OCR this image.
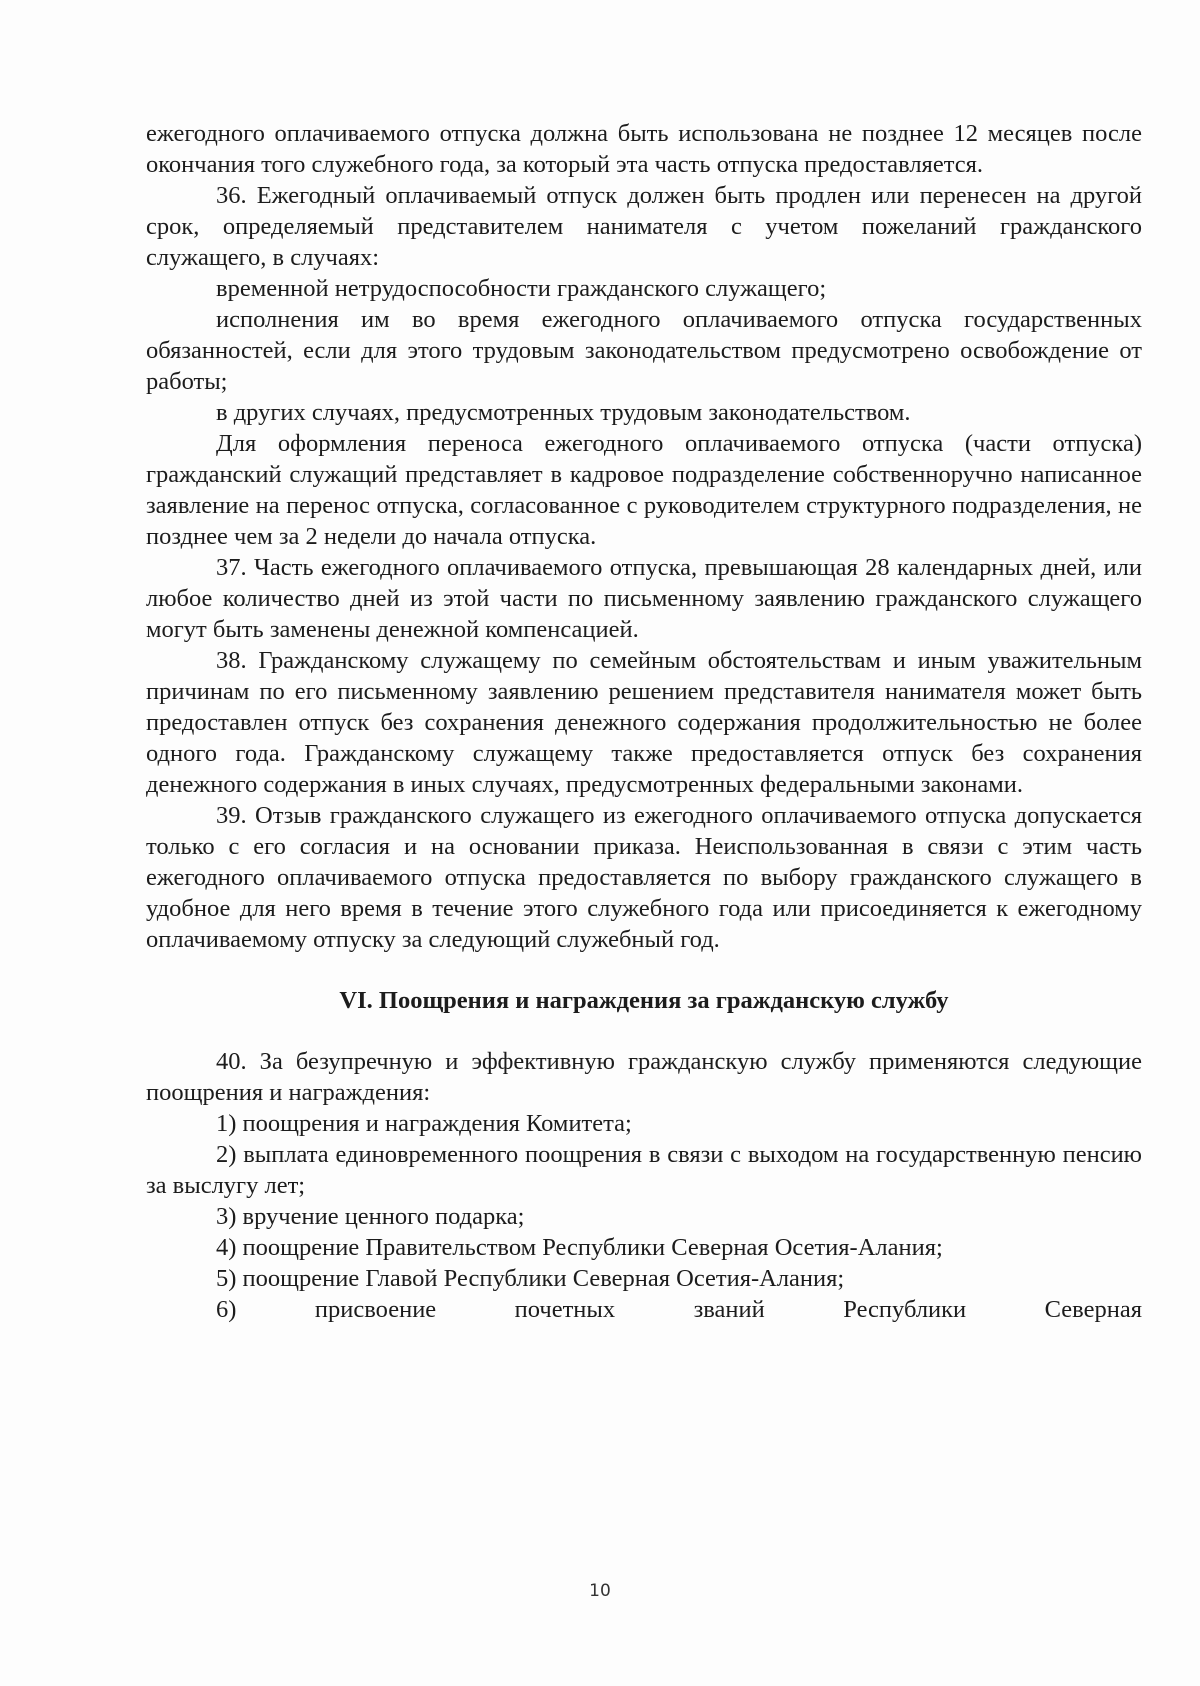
ежегодного оплачиваемого отпуска должна быть использована не позднее 12 месяцев после окончания того служебного года, за который эта часть отпуска предоставляется.

36. Ежегодный оплачиваемый отпуск должен быть продлен или перенесен на другой срок, определяемый представителем нанимателя с учетом пожеланий гражданского служащего, в случаях:

временной нетрудоспособности гражданского служащего;

исполнения им во время ежегодного оплачиваемого отпуска государственных обязанностей, если для этого трудовым законодательством предусмотрено освобождение от работы;

в других случаях, предусмотренных трудовым законодательством.

Для оформления переноса ежегодного оплачиваемого отпуска (части отпуска) гражданский служащий представляет в кадровое подразделение собственноручно написанное заявление на перенос отпуска, согласованное с руководителем структурного подразделения, не позднее чем за 2 недели до начала отпуска.

37. Часть ежегодного оплачиваемого отпуска, превышающая 28 календарных дней, или любое количество дней из этой части по письменному заявлению гражданского служащего могут быть заменены денежной компенсацией.

38. Гражданскому служащему по семейным обстоятельствам и иным уважительным причинам по его письменному заявлению решением представителя нанимателя может быть предоставлен отпуск без сохранения денежного содержания продолжительностью не более одного года. Гражданскому служащему также предоставляется отпуск без сохранения денежного содержания в иных случаях, предусмотренных федеральными законами.

39. Отзыв гражданского служащего из ежегодного оплачиваемого отпуска допускается только с его согласия и на основании приказа. Неиспользованная в связи с этим часть ежегодного оплачиваемого отпуска предоставляется по выбору гражданского служащего в удобное для него время в течение этого служебного года или присоединяется к ежегодному оплачиваемому отпуску за следующий служебный год.

VI. Поощрения и награждения за гражданскую службу

40. За безупречную и эффективную гражданскую службу применяются следующие поощрения и награждения:

1) поощрения и награждения Комитета;

2) выплата единовременного поощрения в связи с выходом на государственную пенсию за выслугу лет;

3) вручение ценного подарка;

4) поощрение Правительством Республики Северная Осетия-Алания;

5) поощрение Главой Республики Северная Осетия-Алания;

6) присвоение почетных званий Республики Северная

10
